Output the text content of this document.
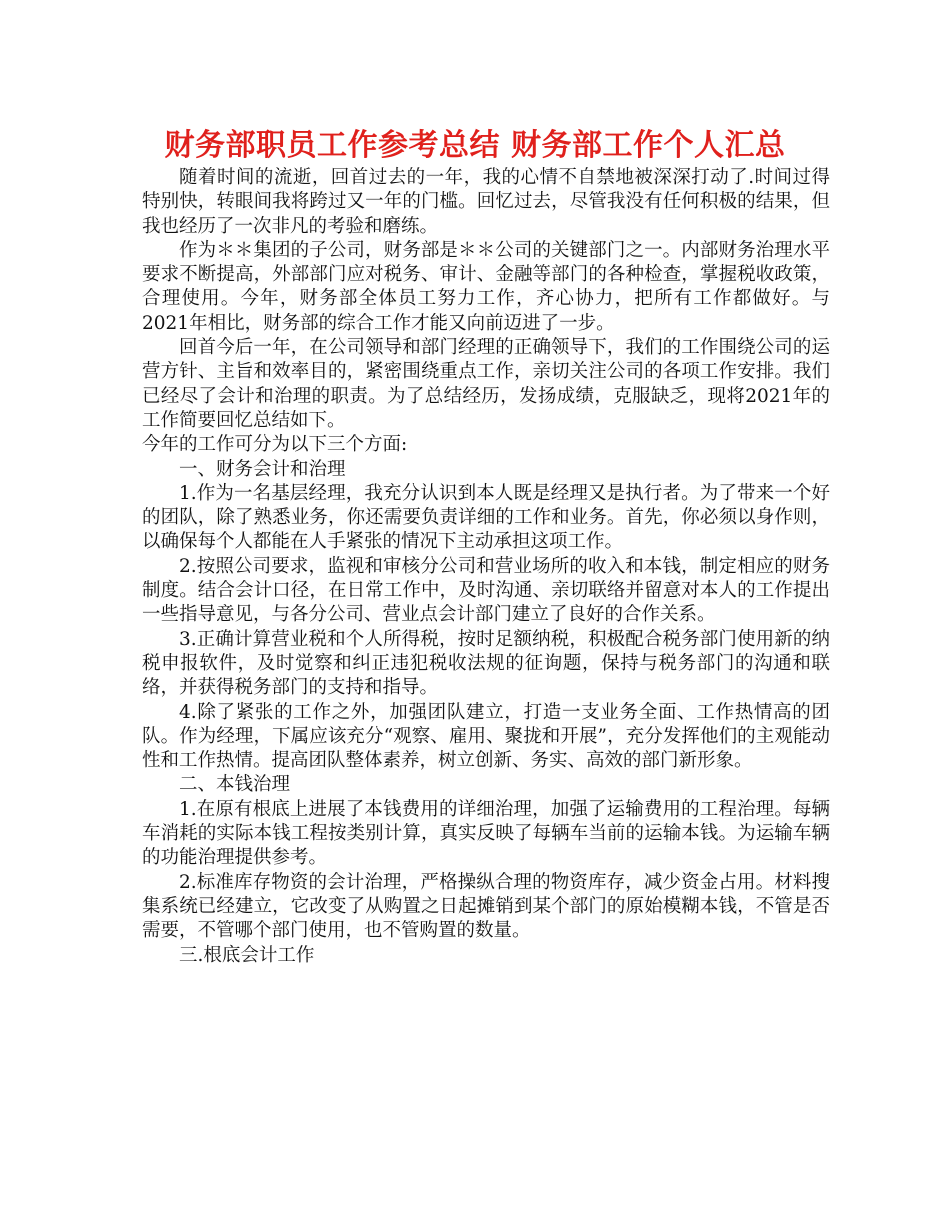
财务部职员工作参考总结 财务部工作个人汇总

随着时间的流逝，回首过去的一年，我的心情不自禁地被深深打动了.时间过得特别快，转眼间我将跨过又一年的门槛。回忆过去，尽管我没有任何积极的结果，但我也经历了一次非凡的考验和磨练。

作为＊＊集团的子公司，财务部是＊＊公司的关键部门之一。内部财务治理水平要求不断提高，外部部门应对税务、审计、金融等部门的各种检查，掌握税收政策，合理使用。今年，财务部全体员工努力工作，齐心协力，把所有工作都做好。与2021年相比，财务部的综合工作才能又向前迈进了一步。

回首今后一年，在公司领导和部门经理的正确领导下，我们的工作围绕公司的运营方针、主旨和效率目的，紧密围绕重点工作，亲切关注公司的各项工作安排。我们已经尽了会计和治理的职责。为了总结经历，发扬成绩，克服缺乏，现将2021年的工作简要回忆总结如下。

今年的工作可分为以下三个方面:

一、财务会计和治理

1.作为一名基层经理，我充分认识到本人既是经理又是执行者。为了带来一个好的团队，除了熟悉业务，你还需要负责详细的工作和业务。首先，你必须以身作则，以确保每个人都能在人手紧张的情况下主动承担这项工作。

2.按照公司要求，监视和审核分公司和营业场所的收入和本钱，制定相应的财务制度。结合会计口径，在日常工作中，及时沟通、亲切联络并留意对本人的工作提出一些指导意见，与各分公司、营业点会计部门建立了良好的合作关系。

3.正确计算营业税和个人所得税，按时足额纳税，积极配合税务部门使用新的纳税申报软件，及时觉察和纠正违犯税收法规的征询题，保持与税务部门的沟通和联络，并获得税务部门的支持和指导。

4.除了紧张的工作之外，加强团队建立，打造一支业务全面、工作热情高的团队。作为经理，下属应该充分“观察、雇用、聚拢和开展”，充分发挥他们的主观能动性和工作热情。提高团队整体素养，树立创新、务实、高效的部门新形象。

二、本钱治理

1.在原有根底上进展了本钱费用的详细治理，加强了运输费用的工程治理。每辆车消耗的实际本钱工程按类别计算，真实反映了每辆车当前的运输本钱。为运输车辆的功能治理提供参考。

2.标准库存物资的会计治理，严格操纵合理的物资库存，减少资金占用。材料搜集系统已经建立，它改变了从购置之日起摊销到某个部门的原始模糊本钱，不管是否需要，不管哪个部门使用，也不管购置的数量。

三.根底会计工作
